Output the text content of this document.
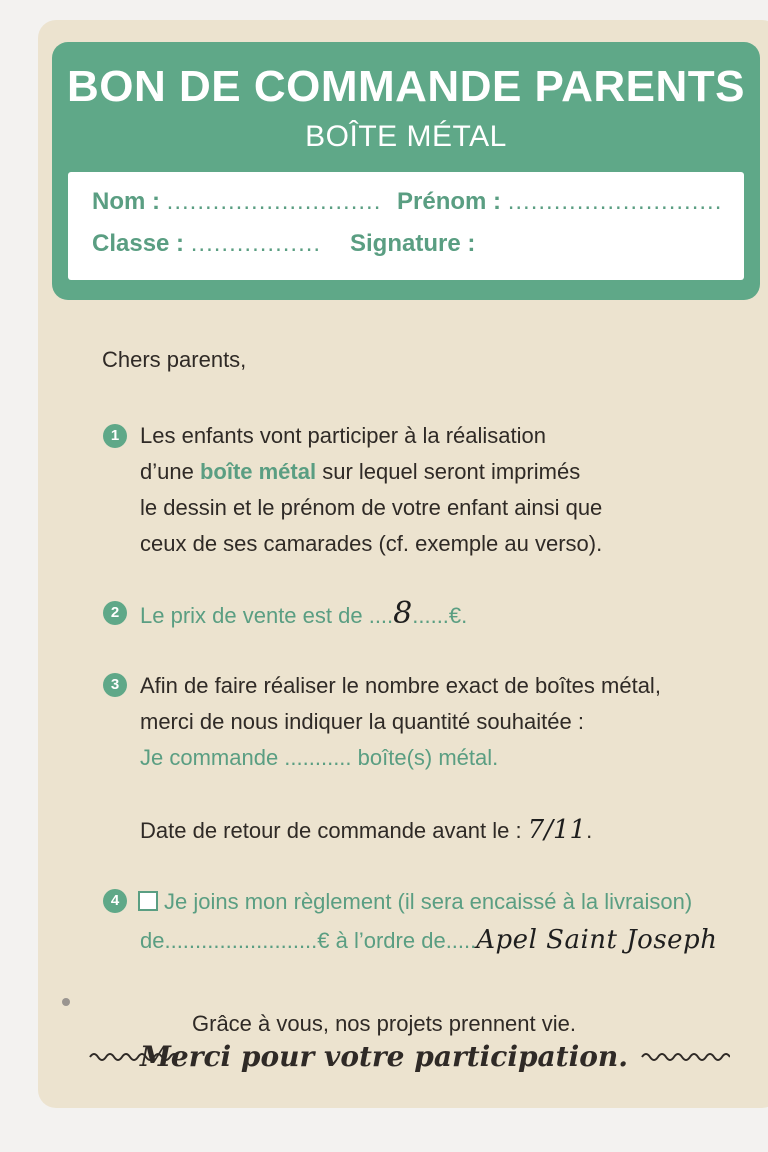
BON DE COMMANDE PARENTS
BOÎTE MÉTAL
Nom : ............................ Prénom : ............................
Classe : ................. Signature :
Chers parents,
1 Les enfants vont participer à la réalisation
d’une boîte métal sur lequel seront imprimés
le dessin et le prénom de votre enfant ainsi que
ceux de ses camarades (cf. exemple au verso).
2 Le prix de vente est de ....8......€.
3 Afin de faire réaliser le nombre exact de boîtes métal,
merci de nous indiquer la quantité souhaitée :
Je commande ........... boîte(s) métal.
Date de retour de commande avant le : 7/11.
4	Je joins mon règlement (il sera encaissé à la livraison)
de.........................€ à l’ordre de.....Apel Saint Joseph
Grâce à vous, nos projets prennent vie.
Merci pour votre participation.
